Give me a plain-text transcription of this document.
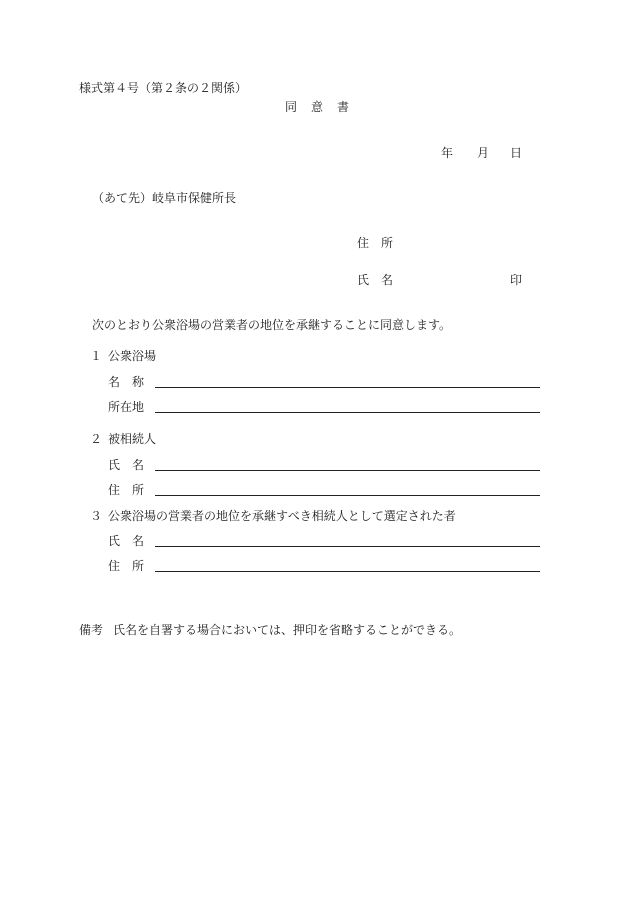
様式第４号（第２条の２関係）
同　意　書
年 月 日
（あて先）岐阜市保健所長
住　所
氏　名	印
次のとおり公衆浴場の営業者の地位を承継することに同意します。
１ 公衆浴場
名　称
所在地
２ 被相続人
氏　名
住　所
３ 公衆浴場の営業者の地位を承継すべき相続人として選定された者
氏　名
住　所
備考 氏名を自署する場合においては、押印を省略することができる。
